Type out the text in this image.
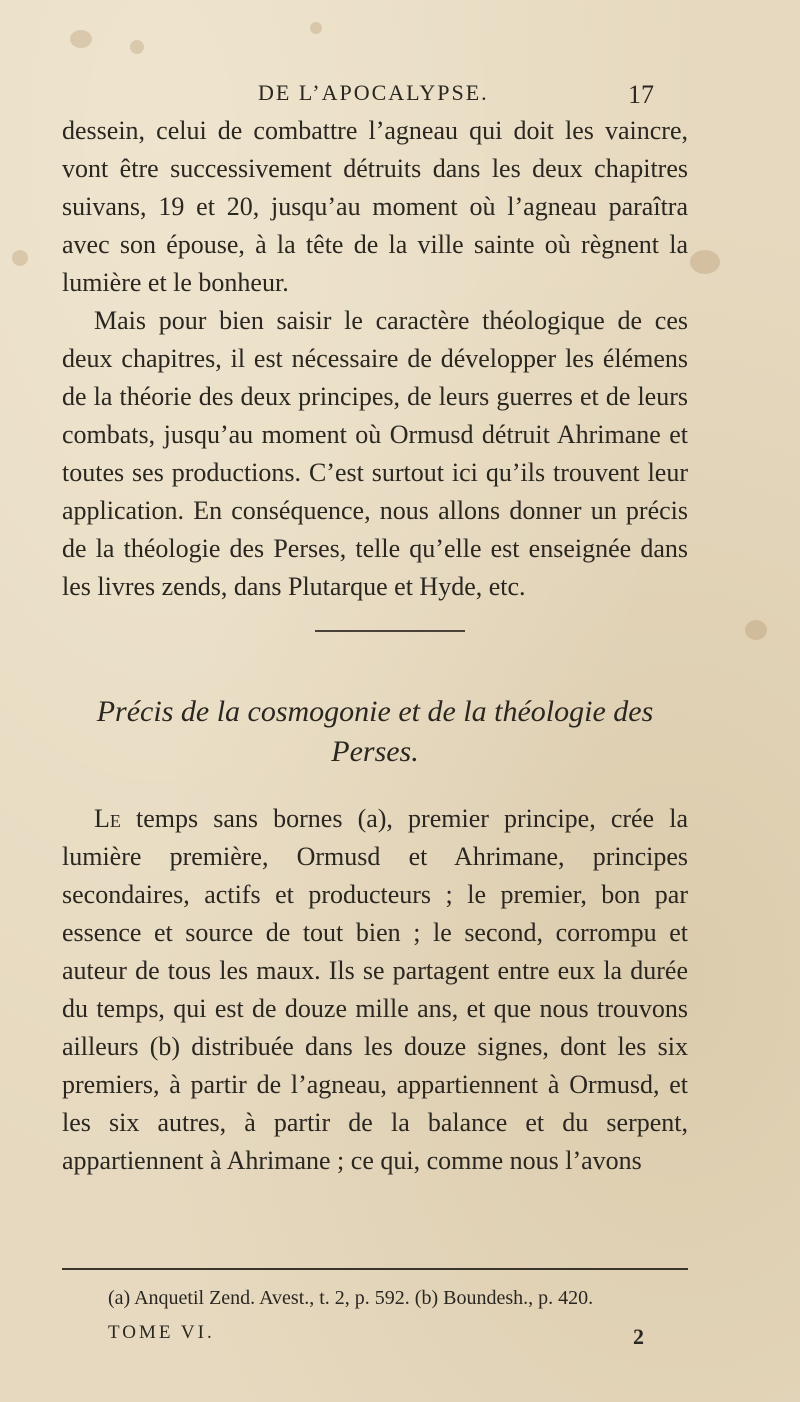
DE L’APOCALYPSE.	17

dessein, celui de combattre l’agneau qui doit les vaincre, vont être successivement détruits dans les deux chapitres suivans, 19 et 20, jusqu’au moment où l’agneau paraîtra avec son épouse, à la tête de la ville sainte où règnent la lumière et le bonheur.

Mais pour bien saisir le caractère théologique de ces deux chapitres, il est nécessaire de développer les élémens de la théorie des deux principes, de leurs guerres et de leurs combats, jusqu’au moment où Ormusd détruit Ahrimane et toutes ses productions. C’est surtout ici qu’ils trouvent leur application. En conséquence, nous allons donner un précis de la théologie des Perses, telle qu’elle est enseignée dans les livres zends, dans Plutarque et Hyde, etc.

Précis de la cosmogonie et de la théologie des Perses.

Le temps sans bornes (a), premier principe, crée la lumière première, Ormusd et Ahrimane, principes secondaires, actifs et producteurs ; le premier, bon par essence et source de tout bien ; le second, corrompu et auteur de tous les maux. Ils se partagent entre eux la durée du temps, qui est de douze mille ans, et que nous trouvons ailleurs (b) distribuée dans les douze signes, dont les six premiers, à partir de l’agneau, appartiennent à Ormusd, et les six autres, à partir de la balance et du serpent, appartiennent à Ahrimane ; ce qui, comme nous l’avons

(a) Anquetil Zend. Avest., t. 2, p. 592. (b) Boundesh., p. 420.
TOME VI.	2
